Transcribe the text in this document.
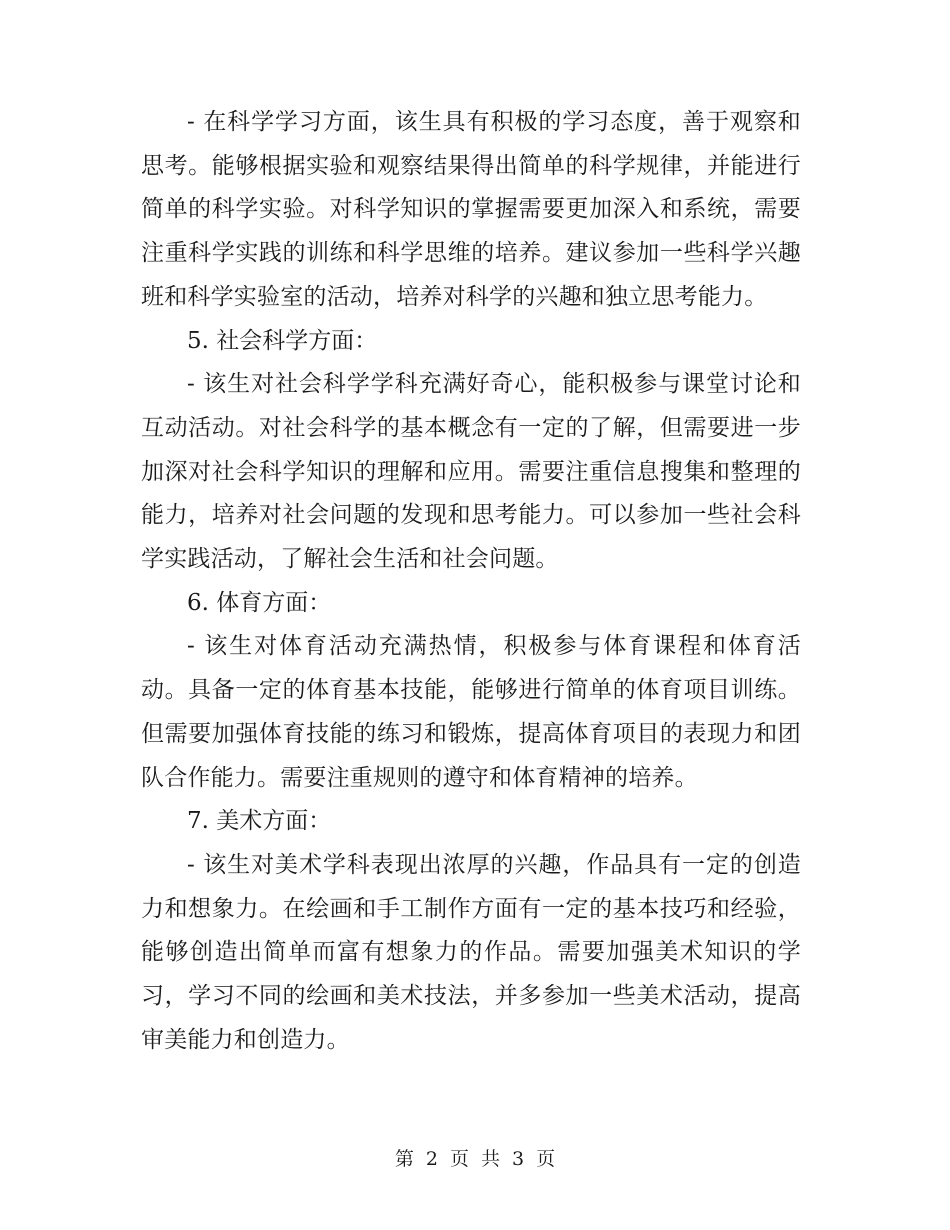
- 在科学学习方面，该生具有积极的学习态度，善于观察和思考。能够根据实验和观察结果得出简单的科学规律，并能进行简单的科学实验。对科学知识的掌握需要更加深入和系统，需要注重科学实践的训练和科学思维的培养。建议参加一些科学兴趣班和科学实验室的活动，培养对科学的兴趣和独立思考能力。

5. 社会科学方面：

- 该生对社会科学学科充满好奇心，能积极参与课堂讨论和互动活动。对社会科学的基本概念有一定的了解，但需要进一步加深对社会科学知识的理解和应用。需要注重信息搜集和整理的能力，培养对社会问题的发现和思考能力。可以参加一些社会科学实践活动，了解社会生活和社会问题。

6. 体育方面：

- 该生对体育活动充满热情，积极参与体育课程和体育活动。具备一定的体育基本技能，能够进行简单的体育项目训练。但需要加强体育技能的练习和锻炼，提高体育项目的表现力和团队合作能力。需要注重规则的遵守和体育精神的培养。

7. 美术方面：

- 该生对美术学科表现出浓厚的兴趣，作品具有一定的创造力和想象力。在绘画和手工制作方面有一定的基本技巧和经验，能够创造出简单而富有想象力的作品。需要加强美术知识的学习，学习不同的绘画和美术技法，并多参加一些美术活动，提高审美能力和创造力。

第 2 页 共 3 页
